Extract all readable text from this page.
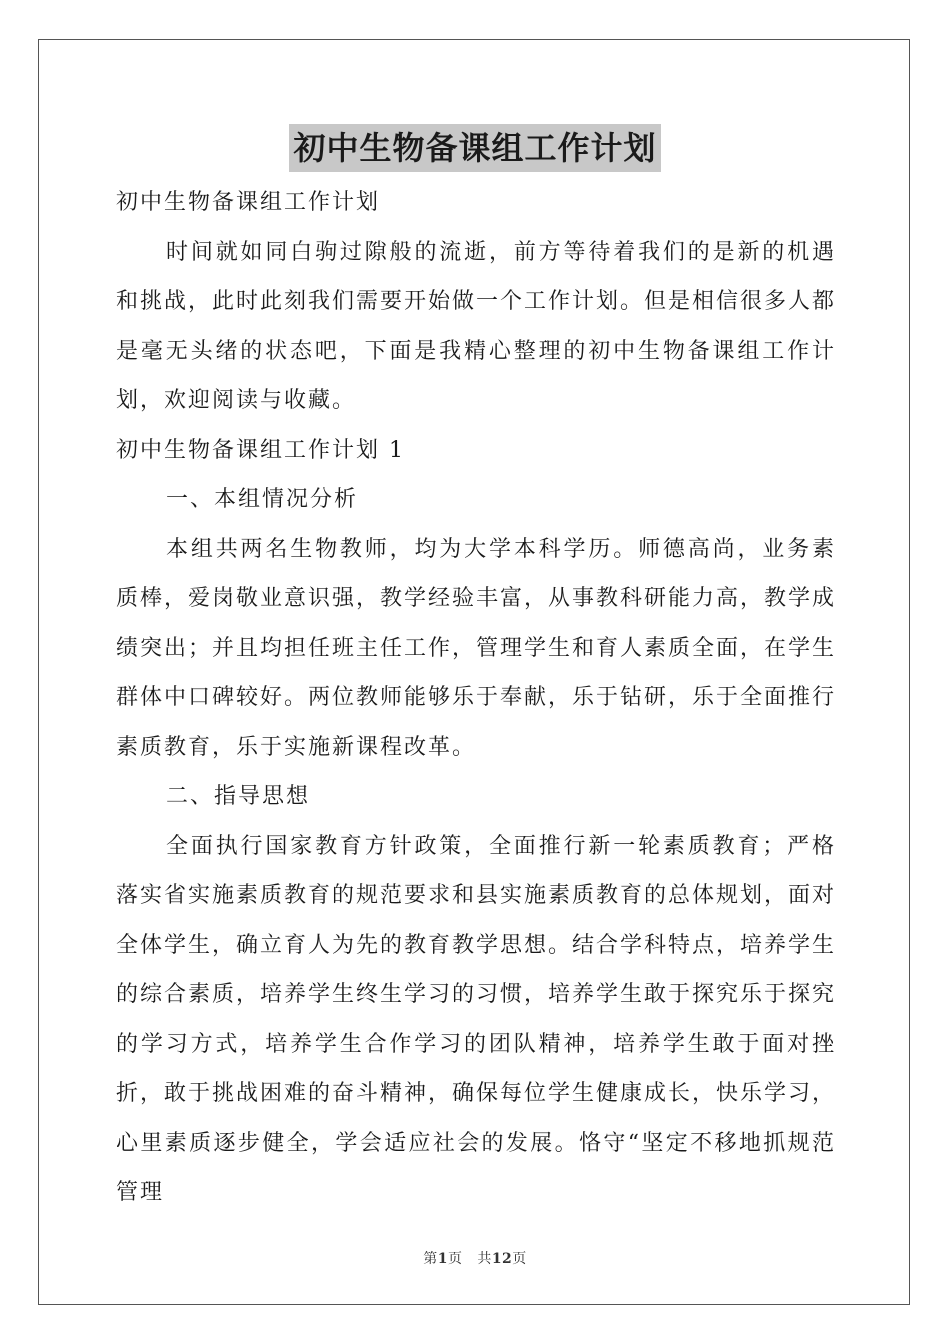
初中生物备课组工作计划

初中生物备课组工作计划

时间就如同白驹过隙般的流逝，前方等待着我们的是新的机遇和挑战，此时此刻我们需要开始做一个工作计划。但是相信很多人都是毫无头绪的状态吧，下面是我精心整理的初中生物备课组工作计划，欢迎阅读与收藏。

初中生物备课组工作计划 1

一、本组情况分析

本组共两名生物教师，均为大学本科学历。师德高尚，业务素质棒，爱岗敬业意识强，教学经验丰富，从事教科研能力高，教学成绩突出；并且均担任班主任工作，管理学生和育人素质全面，在学生群体中口碑较好。两位教师能够乐于奉献，乐于钻研，乐于全面推行素质教育，乐于实施新课程改革。

二、指导思想

全面执行国家教育方针政策，全面推行新一轮素质教育；严格落实省实施素质教育的规范要求和县实施素质教育的总体规划，面对全体学生，确立育人为先的教育教学思想。结合学科特点，培养学生的综合素质，培养学生终生学习的习惯，培养学生敢于探究乐于探究的学习方式，培养学生合作学习的团队精神，培养学生敢于面对挫折，敢于挑战困难的奋斗精神，确保每位学生健康成长，快乐学习，心里素质逐步健全，学会适应社会的发展。恪守“坚定不移地抓规范管理

第1页 共12页
